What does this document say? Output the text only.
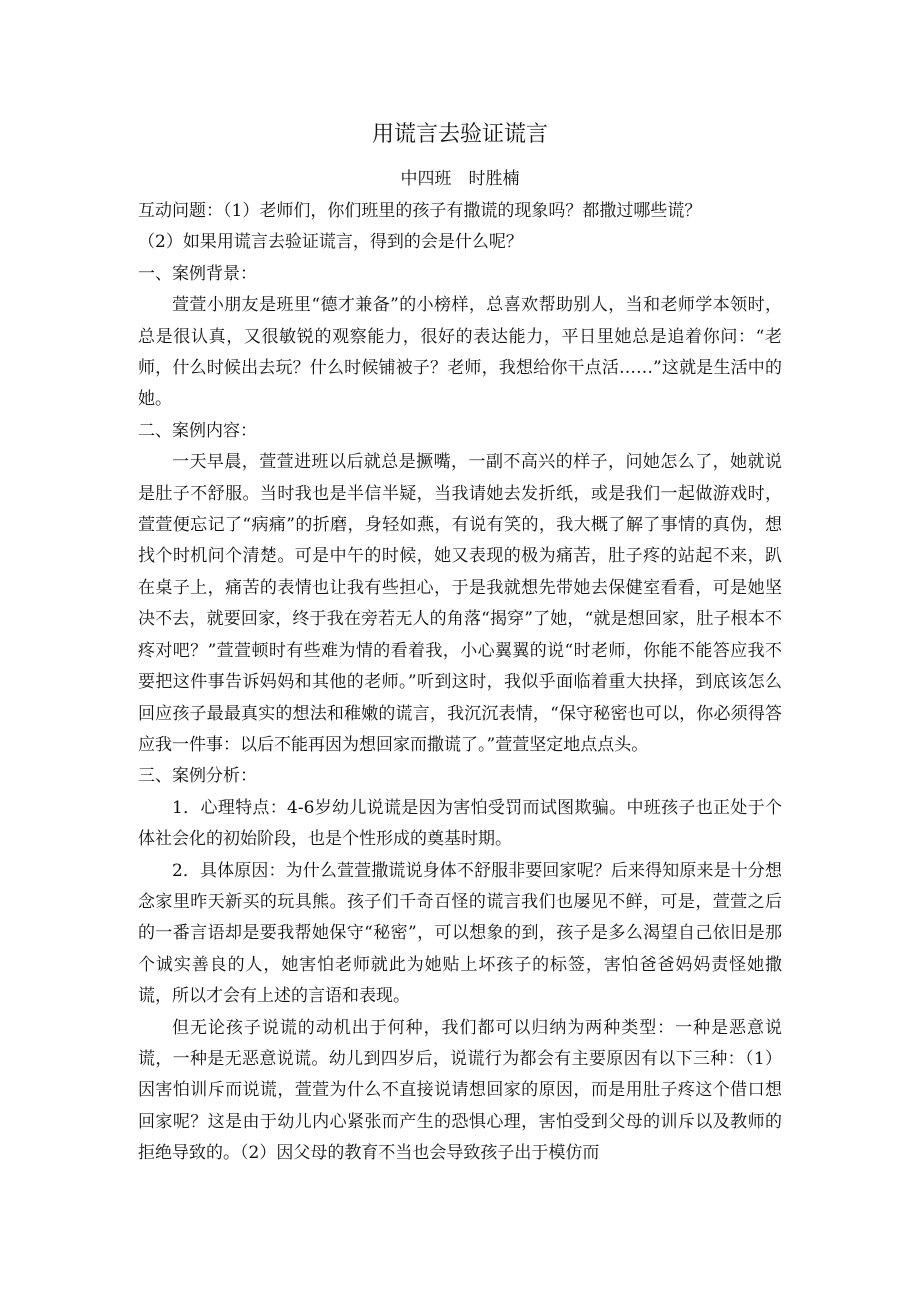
用谎言去验证谎言
中四班　时胜楠

互动问题：（1）老师们，你们班里的孩子有撒谎的现象吗？都撒过哪些谎？

（2）如果用谎言去验证谎言，得到的会是什么呢？

一、案例背景：

萱萱小朋友是班里“德才兼备”的小榜样，总喜欢帮助别人，当和老师学本领时，总是很认真，又很敏锐的观察能力，很好的表达能力，平日里她总是追着你问：“老师，什么时候出去玩？什么时候铺被子？老师，我想给你干点活……”这就是生活中的她。

二、案例内容：

一天早晨，萱萱进班以后就总是撅嘴，一副不高兴的样子，问她怎么了，她就说是肚子不舒服。当时我也是半信半疑，当我请她去发折纸，或是我们一起做游戏时，萱萱便忘记了“病痛”的折磨，身轻如燕，有说有笑的，我大概了解了事情的真伪，想找个时机问个清楚。可是中午的时候，她又表现的极为痛苦，肚子疼的站起不来，趴在桌子上，痛苦的表情也让我有些担心，于是我就想先带她去保健室看看，可是她坚决不去，就要回家，终于我在旁若无人的角落“揭穿”了她，“就是想回家，肚子根本不疼对吧？”萱萱顿时有些难为情的看着我，小心翼翼的说“时老师，你能不能答应我不要把这件事告诉妈妈和其他的老师。”听到这时，我似乎面临着重大抉择，到底该怎么回应孩子最最真实的想法和稚嫩的谎言，我沉沉表情，“保守秘密也可以，你必须得答应我一件事：以后不能再因为想回家而撒谎了。”萱萱坚定地点点头。

三、案例分析：

1．心理特点：4-6岁幼儿说谎是因为害怕受罚而试图欺骗。中班孩子也正处于个体社会化的初始阶段，也是个性形成的奠基时期。

2．具体原因：为什么萱萱撒谎说身体不舒服非要回家呢？后来得知原来是十分想念家里昨天新买的玩具熊。孩子们千奇百怪的谎言我们也屡见不鲜，可是，萱萱之后的一番言语却是要我帮她保守“秘密”，可以想象的到，孩子是多么渴望自己依旧是那个诚实善良的人，她害怕老师就此为她贴上坏孩子的标签，害怕爸爸妈妈责怪她撒谎，所以才会有上述的言语和表现。

但无论孩子说谎的动机出于何种，我们都可以归纳为两种类型：一种是恶意说谎，一种是无恶意说谎。幼儿到四岁后，说谎行为都会有主要原因有以下三种：（1）因害怕训斥而说谎，萱萱为什么不直接说请想回家的原因，而是用肚子疼这个借口想回家呢？这是由于幼儿内心紧张而产生的恐惧心理，害怕受到父母的训斥以及教师的拒绝导致的。（2）因父母的教育不当也会导致孩子出于模仿而
